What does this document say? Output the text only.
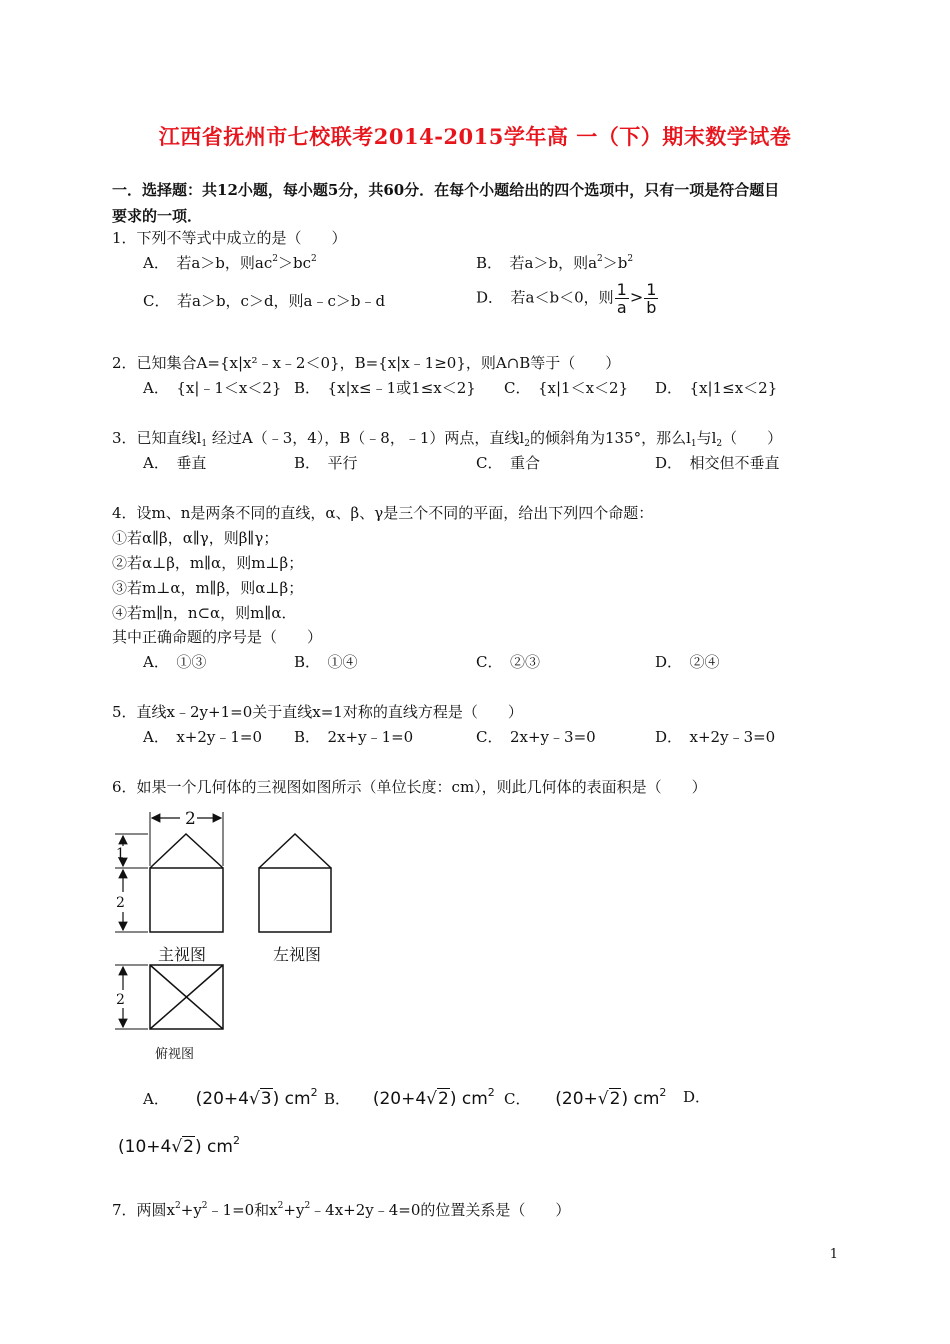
江西省抚州市七校联考2014-2015学年高 一（下）期末数学试卷
一．选择题：共12小题，每小题5分，共60分．在每个小题给出的四个选项中，只有一项是符合题目
要求的一项．
1．下列不等式中成立的是（　　）
A．　 若a＞b，则$ac^2>bc^2$	B．　 若a＞b，则$a^2>b^2$
C．　 若a＞b，c＞d，则a﹣c＞b﹣d	D．　 若a＜b＜0，则 $\frac{1}{a} > \frac{1}{b}$
2．已知集合A={x|x²﹣x﹣2＜0}，B={x|x﹣1≥0}，则A∩B等于（　　）
A．　{x|﹣1＜x＜2} B．　{x|x≤﹣1或1≤x＜2} C．　{x|1＜x＜2} D．　{x|1≤x＜2}
3．已知直线$l_1$ 经过A（﹣3，4），B（﹣8，﹣1）两点，直线$l_2$的倾斜角为135°，那么$l_1$与$l_2$（　　）
A．　垂直	B．　平行	C．　重合	D．　相交但不垂直
4．设m、n是两条不同的直线，α、β、γ是三个不同的平面，给出下列四个命题：
①若α∥β，α∥γ，则β∥γ；
②若α⊥β，m∥α，则m⊥β；
③若m⊥α，m∥β，则α⊥β；
④若m∥n，n⊂α，则m∥α．
其中正确命题的序号是（　　）
A．　①③	B．　①④	C．　②③	D．　②④
5．直线x﹣2y+1=0关于直线x=1对称的直线方程是（　　）
A．　x+2y﹣1=0 B．　2x+y﹣1=0	C．　2x+y﹣3=0	D．　x+2y﹣3=0
6．如果一个几何体的三视图如图所示（单位长度：cm），则此几何体的表面积是（　　）
2
1
2
2
主视图	左视图
俯视图
A． (20+4√3) $cm^2$ B． (20+4√2) $cm^2$ C． (20+√2) $cm^2$ D．
(10+4√2) $cm^2$
7．两圆$x^2+y^2﹣1=0$和$x^2+y^2﹣4x+2y﹣4=0$的位置关系是（　　）
1
